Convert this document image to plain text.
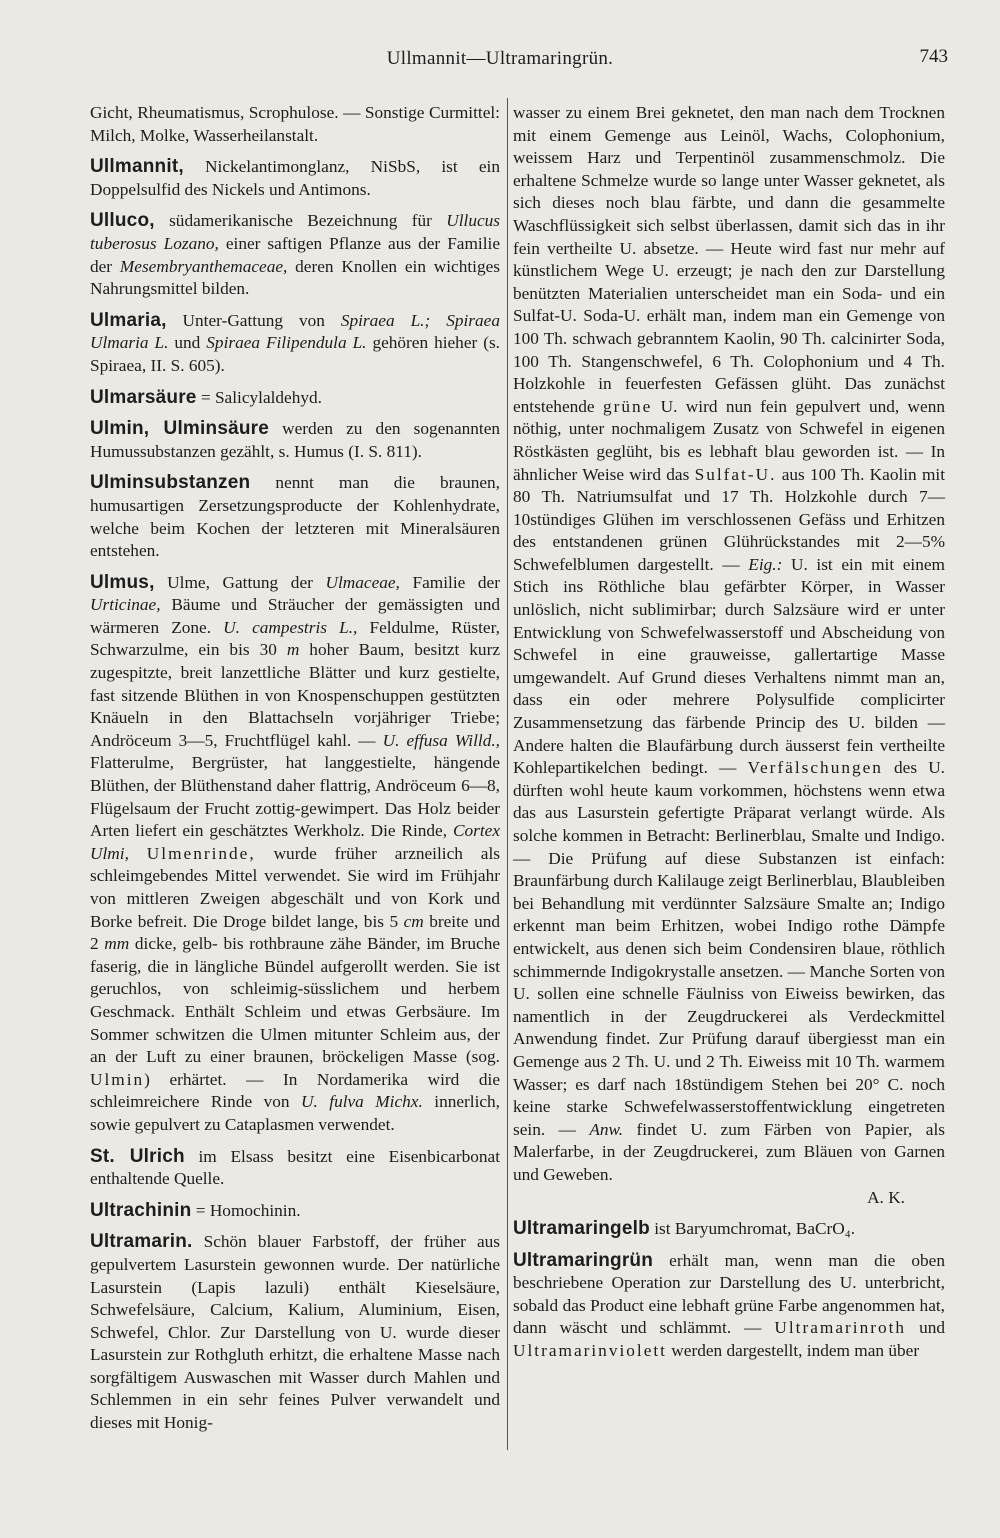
Ullmannit—Ultramaringrün.	743
Gicht, Rheumatismus, Scrophulose. — Sonstige Curmittel: Milch, Molke, Wasserheilanstalt.
Ullmannit, Nickelantimonglanz, NiSbS, ist ein Doppelsulfid des Nickels und Antimons.
Ulluco, südamerikanische Bezeichnung für Ullucus tuberosus Lozano, einer saftigen Pflanze aus der Familie der Mesembryanthemaceae, deren Knollen ein wichtiges Nahrungsmittel bilden.
Ulmaria, Unter-Gattung von Spiraea L.; Spiraea Ulmaria L. und Spiraea Filipendula L. gehören hieher (s. Spiraea, II. S. 605).
Ulmarsäure = Salicylaldehyd.
Ulmin, Ulminsäure werden zu den sogenannten Humussubstanzen gezählt, s. Humus (I. S. 811).
Ulminsubstanzen nennt man die braunen, humusartigen Zersetzungsproducte der Kohlenhydrate, welche beim Kochen der letzteren mit Mineralsäuren entstehen.
Ulmus, Ulme, Gattung der Ulmaceae, Familie der Urticinae, Bäume und Sträucher der gemässigten und wärmeren Zone. U. campestris L., Feldulme, Rüster, Schwarzulme, ein bis 30 m hoher Baum, besitzt kurz zugespitzte, breit lanzettliche Blätter und kurz gestielte, fast sitzende Blüthen in von Knospenschuppen gestützten Knäueln in den Blattachseln vorjähriger Triebe; Andröceum 3—5, Fruchtflügel kahl. — U. effusa Willd., Flatterulme, Bergrüster, hat langgestielte, hängende Blüthen, der Blüthenstand daher flattrig, Andröceum 6—8, Flügelsaum der Frucht zottig-gewimpert. Das Holz beider Arten liefert ein geschätztes Werkholz. Die Rinde, Cortex Ulmi, Ulmenrinde, wurde früher arzneilich als schleimgebendes Mittel verwendet. Sie wird im Frühjahr von mittleren Zweigen abgeschält und von Kork und Borke befreit. Die Droge bildet lange, bis 5 cm breite und 2 mm dicke, gelb- bis rothbraune zähe Bänder, im Bruche faserig, die in längliche Bündel aufgerollt werden. Sie ist geruchlos, von schleimig-süsslichem und herbem Geschmack. Enthält Schleim und etwas Gerbsäure. Im Sommer schwitzen die Ulmen mitunter Schleim aus, der an der Luft zu einer braunen, bröckeligen Masse (sog. Ulmin) erhärtet. — In Nordamerika wird die schleimreichere Rinde von U. fulva Michx. innerlich, sowie gepulvert zu Cataplasmen verwendet.
St. Ulrich im Elsass besitzt eine Eisenbicarbonat enthaltende Quelle.
Ultrachinin = Homochinin.
Ultramarin. Schön blauer Farbstoff, der früher aus gepulvertem Lasurstein gewonnen wurde. Der natürliche Lasurstein (Lapis lazuli) enthält Kieselsäure, Schwefelsäure, Calcium, Kalium, Aluminium, Eisen, Schwefel, Chlor. Zur Darstellung von U. wurde dieser Lasurstein zur Rothgluth erhitzt, die erhaltene Masse nach sorgfältigem Auswaschen mit Wasser durch Mahlen und Schlemmen in ein sehr feines Pulver verwandelt und dieses mit Honig-
wasser zu einem Brei geknetet, den man nach dem Trocknen mit einem Gemenge aus Leinöl, Wachs, Colophonium, weissem Harz und Terpentinöl zusammenschmolz. Die erhaltene Schmelze wurde so lange unter Wasser geknetet, als sich dieses noch blau färbte, und dann die gesammelte Waschflüssigkeit sich selbst überlassen, damit sich das in ihr fein vertheilte U. absetze. — Heute wird fast nur mehr auf künstlichem Wege U. erzeugt; je nach den zur Darstellung benützten Materialien unterscheidet man ein Soda- und ein Sulfat-U. Soda-U. erhält man, indem man ein Gemenge von 100 Th. schwach gebranntem Kaolin, 90 Th. calcinirter Soda, 100 Th. Stangenschwefel, 6 Th. Colophonium und 4 Th. Holzkohle in feuerfesten Gefässen glüht. Das zunächst entstehende grüne U. wird nun fein gepulvert und, wenn nöthig, unter nochmaligem Zusatz von Schwefel in eigenen Röstkästen geglüht, bis es lebhaft blau geworden ist. — In ähnlicher Weise wird das Sulfat-U. aus 100 Th. Kaolin mit 80 Th. Natriumsulfat und 17 Th. Holzkohle durch 7—10stündiges Glühen im verschlossenen Gefäss und Erhitzen des entstandenen grünen Glührückstandes mit 2—5% Schwefelblumen dargestellt. — Eig.: U. ist ein mit einem Stich ins Röthliche blau gefärbter Körper, in Wasser unlöslich, nicht sublimirbar; durch Salzsäure wird er unter Entwicklung von Schwefelwasserstoff und Abscheidung von Schwefel in eine grauweisse, gallertartige Masse umgewandelt. Auf Grund dieses Verhaltens nimmt man an, dass ein oder mehrere Polysulfide complicirter Zusammensetzung das färbende Princip des U. bilden — Andere halten die Blaufärbung durch äusserst fein vertheilte Kohlepartikelchen bedingt. — Verfälschungen des U. dürften wohl heute kaum vorkommen, höchstens wenn etwa das aus Lasurstein gefertigte Präparat verlangt würde. Als solche kommen in Betracht: Berlinerblau, Smalte und Indigo. — Die Prüfung auf diese Substanzen ist einfach: Braunfärbung durch Kalilauge zeigt Berlinerblau, Blaubleiben bei Behandlung mit verdünnter Salzsäure Smalte an; Indigo erkennt man beim Erhitzen, wobei Indigo rothe Dämpfe entwickelt, aus denen sich beim Condensiren blaue, röthlich schimmernde Indigokrystalle ansetzen. — Manche Sorten von U. sollen eine schnelle Fäulniss von Eiweiss bewirken, das namentlich in der Zeugdruckerei als Verdeckmittel Anwendung findet. Zur Prüfung darauf übergiesst man ein Gemenge aus 2 Th. U. und 2 Th. Eiweiss mit 10 Th. warmem Wasser; es darf nach 18stündigem Stehen bei 20° C. noch keine starke Schwefelwasserstoffentwicklung eingetreten sein. — Anw. findet U. zum Färben von Papier, als Malerfarbe, in der Zeugdruckerei, zum Bläuen von Garnen und Geweben.
A. K.
Ultramaringelb ist Baryumchromat, BaCrO₄.
Ultramaringrün erhält man, wenn man die oben beschriebene Operation zur Darstellung des U. unterbricht, sobald das Product eine lebhaft grüne Farbe angenommen hat, dann wäscht und schlämmt. — Ultramarinroth und Ultramarinviolett werden dargestellt, indem man über
